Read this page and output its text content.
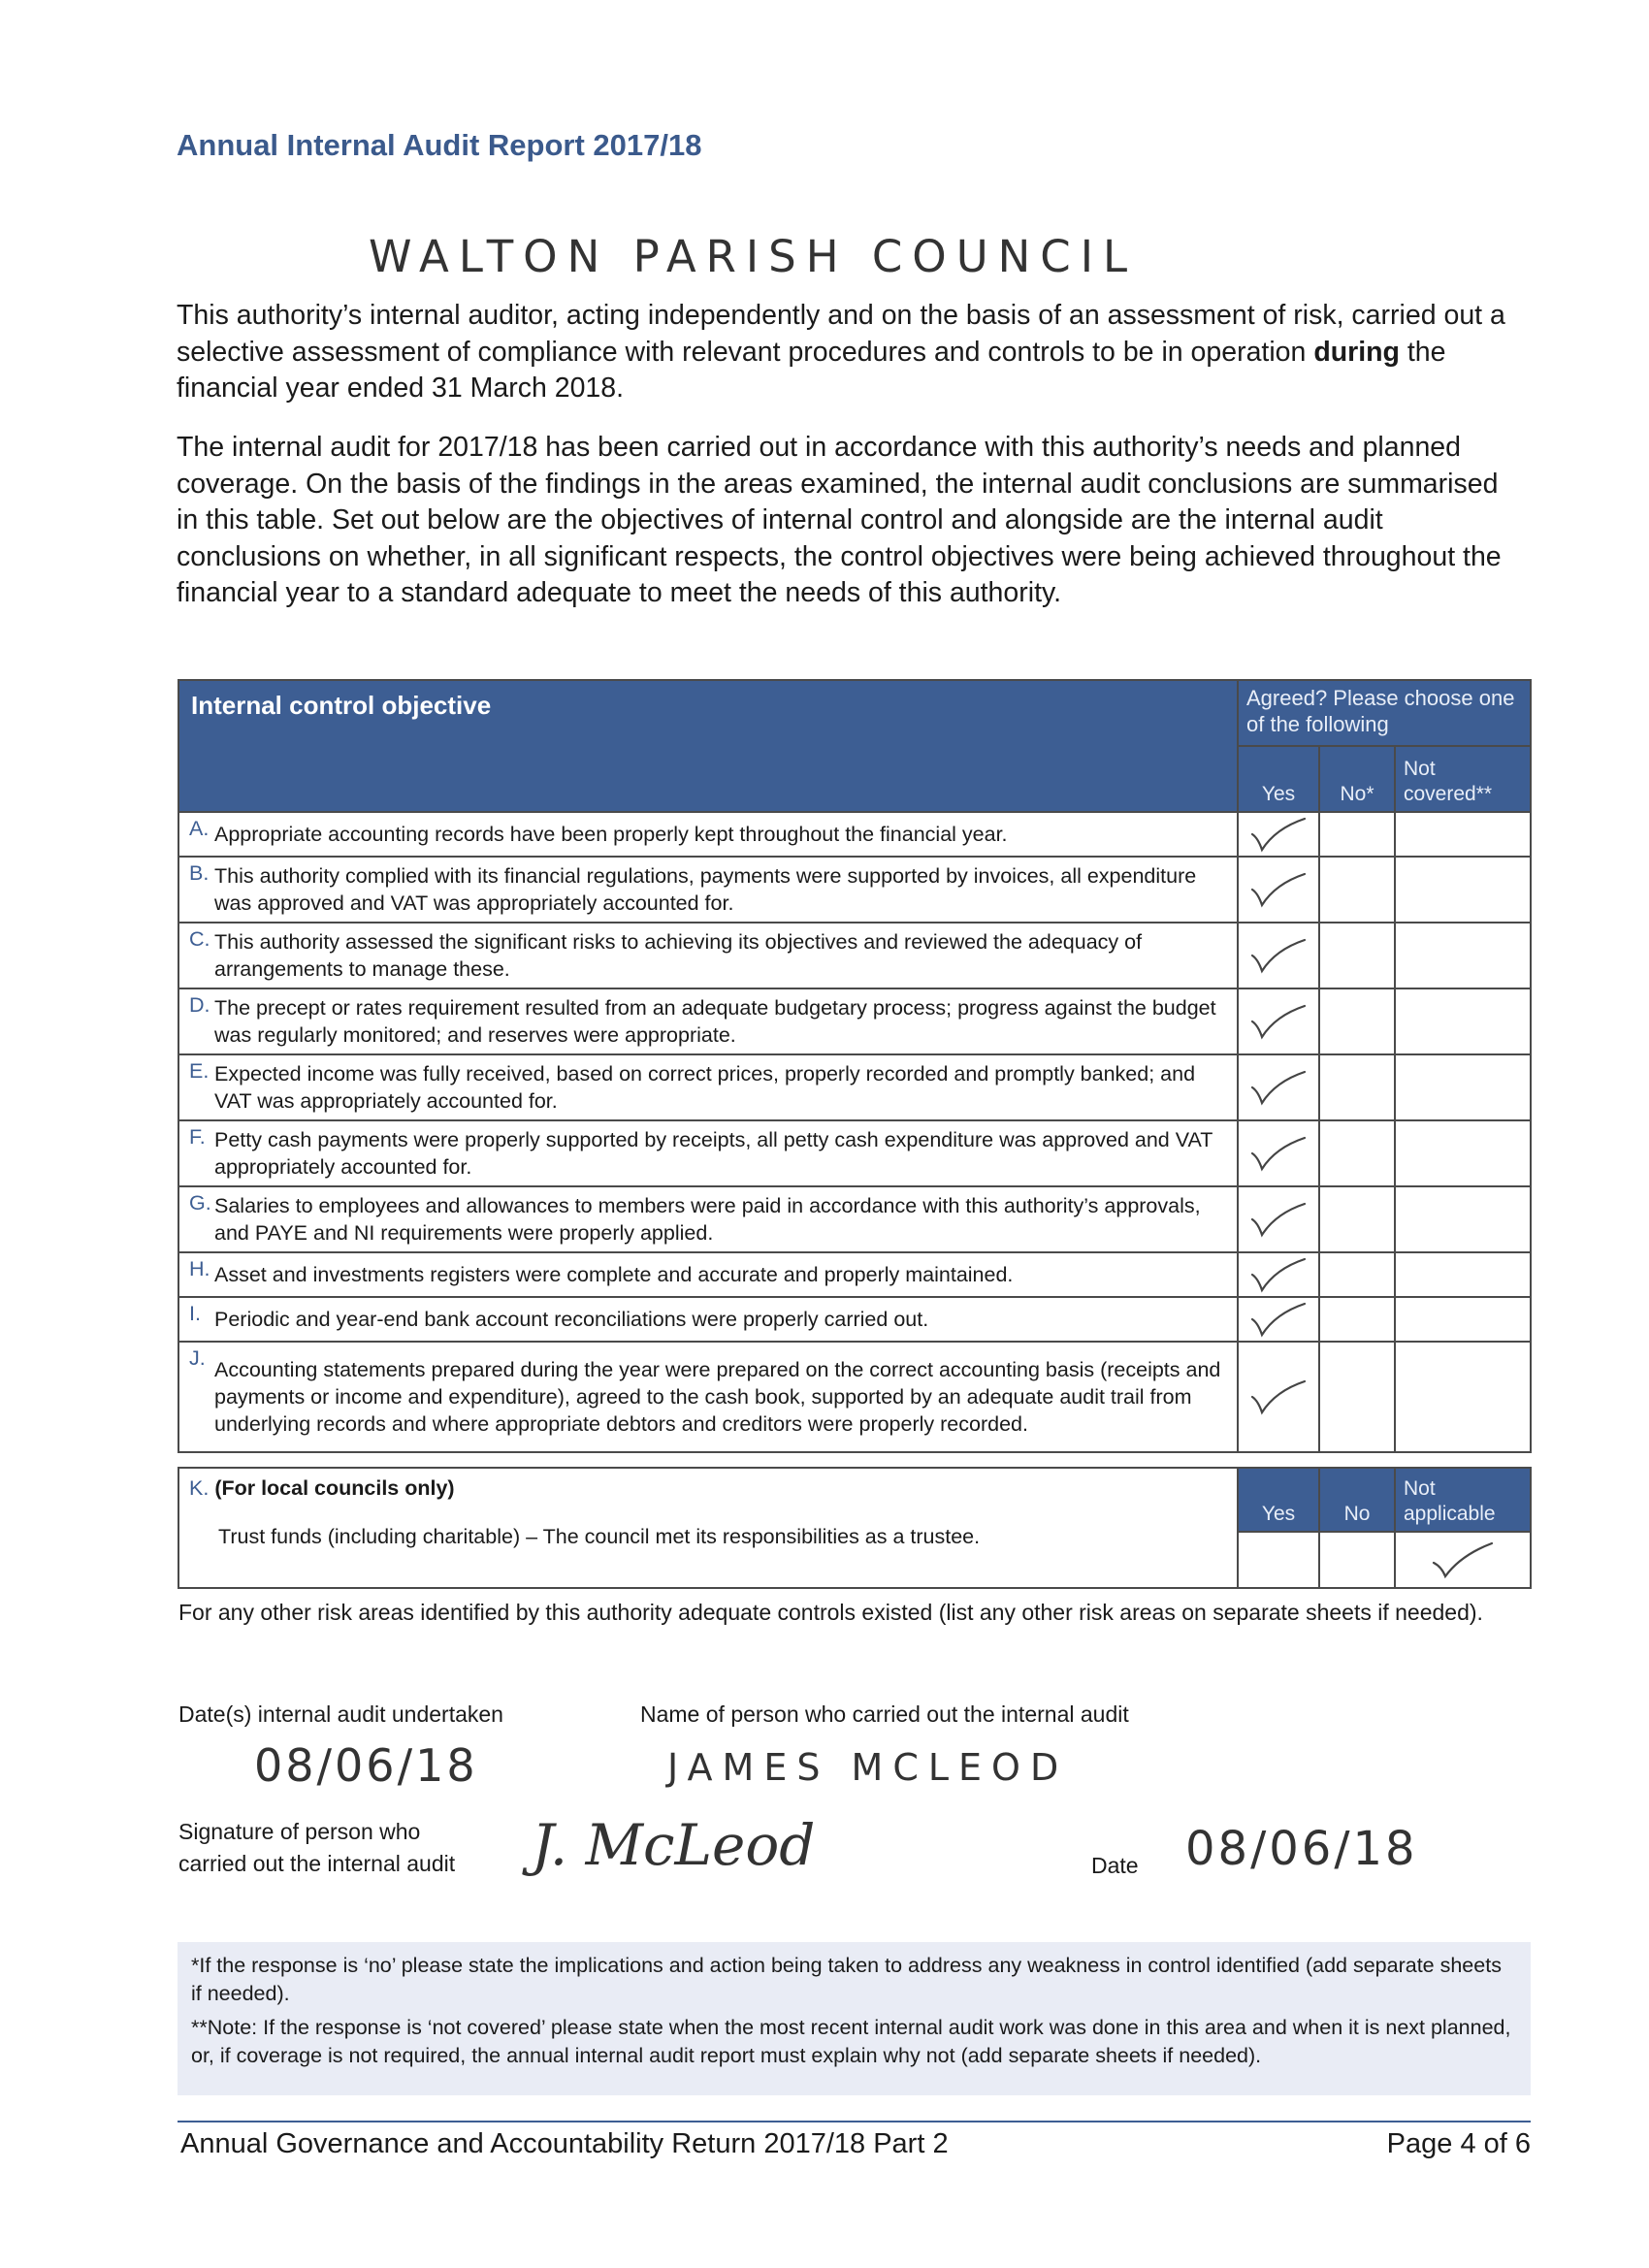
Annual Internal Audit Report 2017/18
WALTON PARISH COUNCIL
This authority’s internal auditor, acting independently and on the basis of an assessment of risk, carried out a selective assessment of compliance with relevant procedures and controls to be in operation during the financial year ended 31 March 2018.
The internal audit for 2017/18 has been carried out in accordance with this authority’s needs and planned coverage. On the basis of the findings in the areas examined, the internal audit conclusions are summarised in this table. Set out below are the objectives of internal control and alongside are the internal audit conclusions on whether, in all significant respects, the control objectives were being achieved throughout the financial year to a standard adequate to meet the needs of this authority.
Internal control objective	Agreed? Please choose one of the following		
	Yes	No*	Not covered**

A. Appropriate accounting records have been properly kept throughout the financial year.	

B. This authority complied with its financial regulations, payments were supported by invoices, all expenditure was approved and VAT was appropriately accounted for.	

C. This authority assessed the significant risks to achieving its objectives and reviewed the adequacy of arrangements to manage these.	

D. The precept or rates requirement resulted from an adequate budgetary process; progress against the budget was regularly monitored; and reserves were appropriate.	

E. Expected income was fully received, based on correct prices, properly recorded and promptly banked; and VAT was appropriately accounted for.	

F. Petty cash payments were properly supported by receipts, all petty cash expenditure was approved and VAT appropriately accounted for.	

G. Salaries to employees and allowances to members were paid in accordance with this authority’s approvals, and PAYE and NI requirements were properly applied.	

H. Asset and investments registers were complete and accurate and properly maintained.	

I. Periodic and year-end bank account reconciliations were properly carried out.	

J. Accounting statements prepared during the year were prepared on the correct accounting basis (receipts and payments or income and expenditure), agreed to the cash book, supported by an adequate audit trail from underlying records and where appropriate debtors and creditors were properly recorded.	

K. (For local councils only)
Trust funds (including charitable) – The council met its responsibilities as a trustee.	Yes	No	Not applicable

For any other risk areas identified by this authority adequate controls existed (list any other risk areas on separate sheets if needed).
Date(s) internal audit undertaken
08/06/18
Name of person who carried out the internal audit
JAMES MCLEOD
Signature of person who
carried out the internal audit J. McLeod	Date 08/06/18

*If the response is ‘no’ please state the implications and action being taken to address any weakness in control identified (add separate sheets if needed).

**Note: If the response is ‘not covered’ please state when the most recent internal audit work was done in this area and when it is next planned, or, if coverage is not required, the annual internal audit report must explain why not (add separate sheets if needed).

Annual Governance and Accountability Return 2017/18 Part 2	Page 4 of 6
